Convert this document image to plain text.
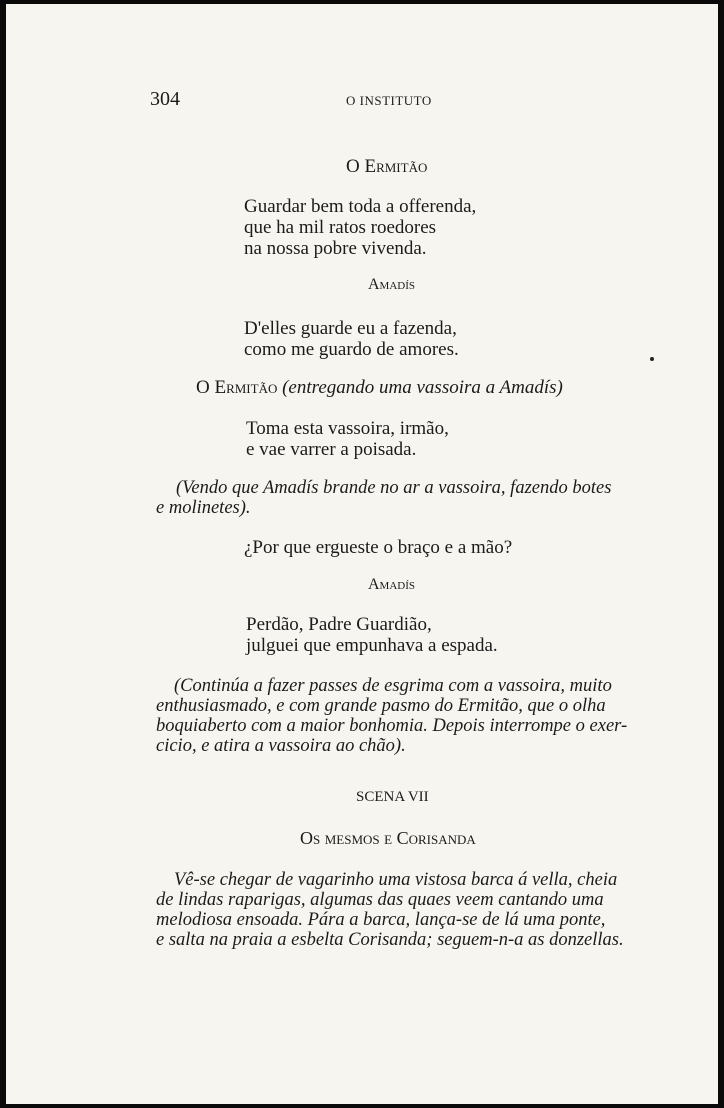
304	O INSTITUTO
O Ermitão
Guardar bem toda a offerenda,
que ha mil ratos roedores
na nossa pobre vivenda.
Amadís
D'elles guarde eu a fazenda,
como me guardo de amores.
O Ermitão (entregando uma vassoira a Amadís)
Toma esta vassoira, irmão,
e vae varrer a poisada.
(Vendo que Amadís brande no ar a vassoira, fazendo botes
e molinetes).
¿Por que ergueste o braço e a mão?
Amadís
Perdão, Padre Guardião,
julguei que empunhava a espada.
(Continúa a fazer passes de esgrima com a vassoira, muito
enthusiasmado, e com grande pasmo do Ermitão, que o olha
boquiaberto com a maior bonhomia. Depois interrompe o exer-
cicio, e atira a vassoira ao chão).
SCENA VII
Os mesmos e Corisanda
Vê-se chegar de vagarinho uma vistosa barca á vella, cheia
de lindas raparigas, algumas das quaes veem cantando uma
melodiosa ensoada. Pára a barca, lança-se de lá uma ponte,
e salta na praia a esbelta Corisanda; seguem-n-a as donzellas.
